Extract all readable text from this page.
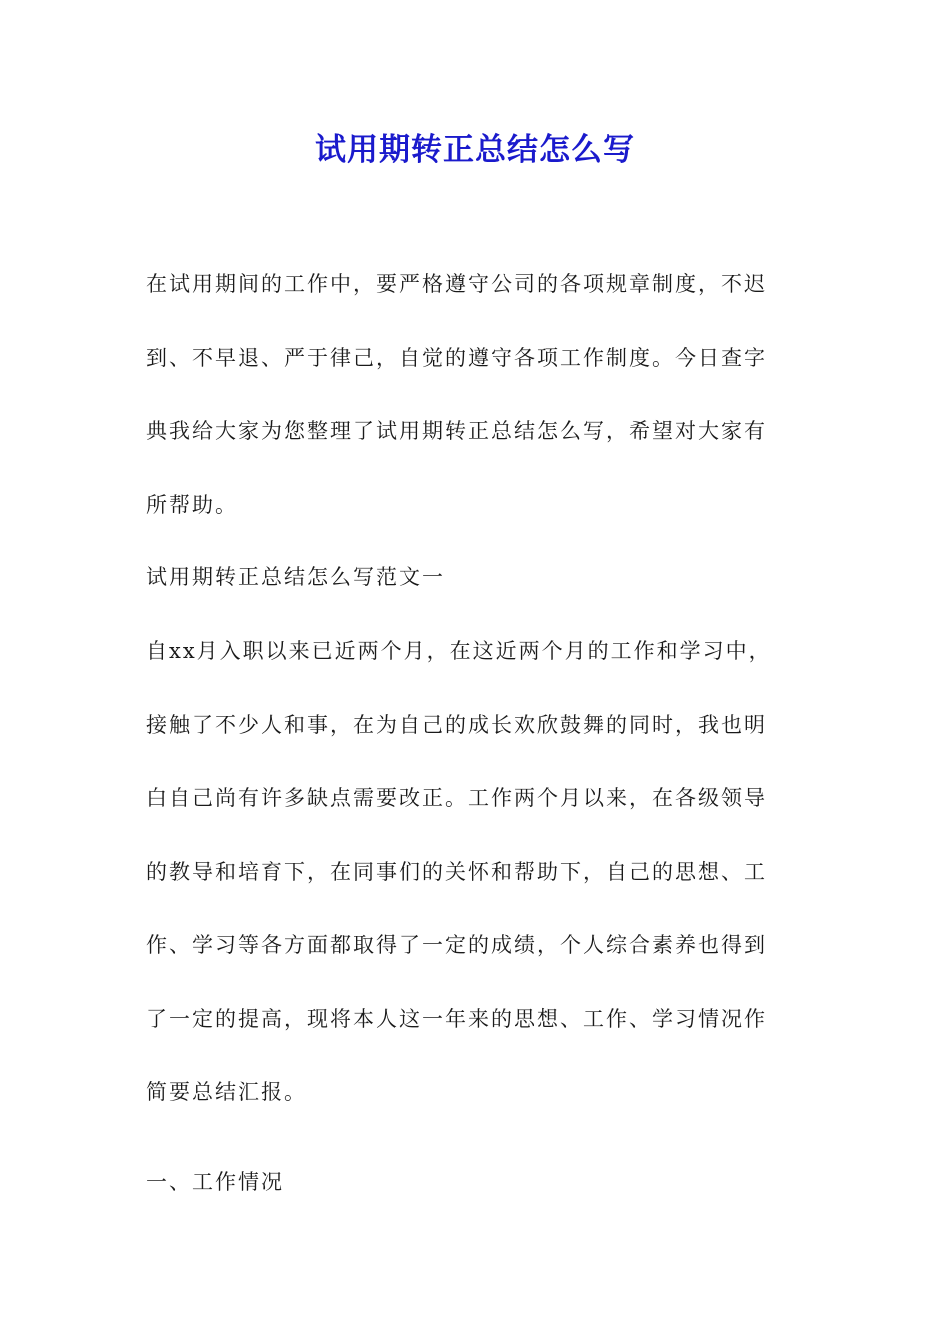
试用期转正总结怎么写
在试用期间的工作中，要严格遵守公司的各项规章制度，不迟
到、不早退、严于律己，自觉的遵守各项工作制度。今日查字
典我给大家为您整理了试用期转正总结怎么写，希望对大家有
所帮助。
试用期转正总结怎么写范文一
自xx月入职以来已近两个月，在这近两个月的工作和学习中，
接触了不少人和事，在为自己的成长欢欣鼓舞的同时，我也明
白自己尚有许多缺点需要改正。工作两个月以来，在各级领导
的教导和培育下，在同事们的关怀和帮助下，自己的思想、工
作、学习等各方面都取得了一定的成绩，个人综合素养也得到
了一定的提高，现将本人这一年来的思想、工作、学习情况作
简要总结汇报。
一、工作情况
